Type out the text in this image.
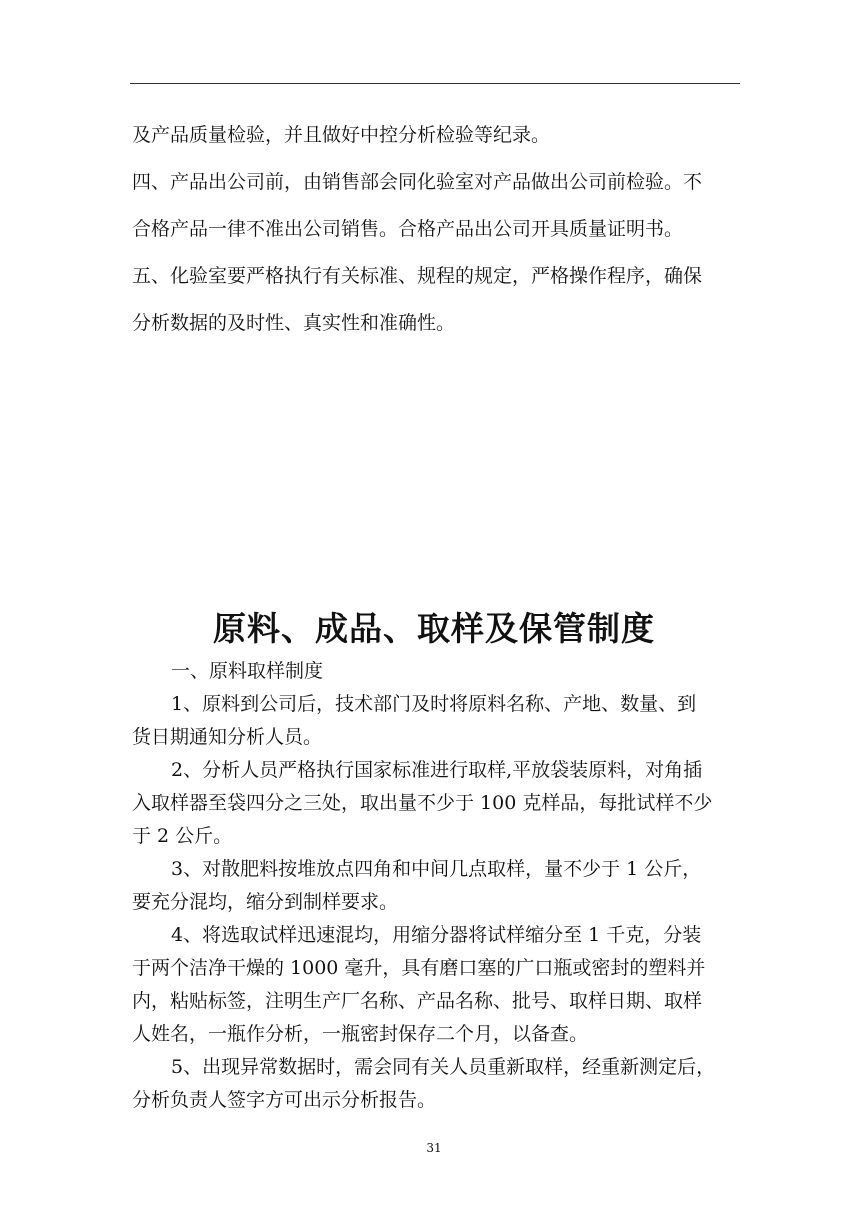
及产品质量检验，并且做好中控分析检验等纪录。

四、产品出公司前，由销售部会同化验室对产品做出公司前检验。不

合格产品一律不准出公司销售。合格产品出公司开具质量证明书。

五、化验室要严格执行有关标准、规程的规定，严格操作程序，确保

分析数据的及时性、真实性和准确性。

原料、成品、取样及保管制度

一、原料取样制度

1、原料到公司后，技术部门及时将原料名称、产地、数量、到

货日期通知分析人员。

2、分析人员严格执行国家标准进行取样,平放袋装原料，对角插

入取样器至袋四分之三处，取出量不少于 100 克样品，每批试样不少

于 2 公斤。

3、对散肥料按堆放点四角和中间几点取样，量不少于 1 公斤，

要充分混均，缩分到制样要求。

4、将选取试样迅速混均，用缩分器将试样缩分至 1 千克，分装

于两个洁净干燥的 1000 毫升，具有磨口塞的广口瓶或密封的塑料并

内，粘贴标签，注明生产厂名称、产品名称、批号、取样日期、取样

人姓名，一瓶作分析，一瓶密封保存二个月，以备查。

5、出现异常数据时，需会同有关人员重新取样，经重新测定后，

分析负责人签字方可出示分析报告。

31
